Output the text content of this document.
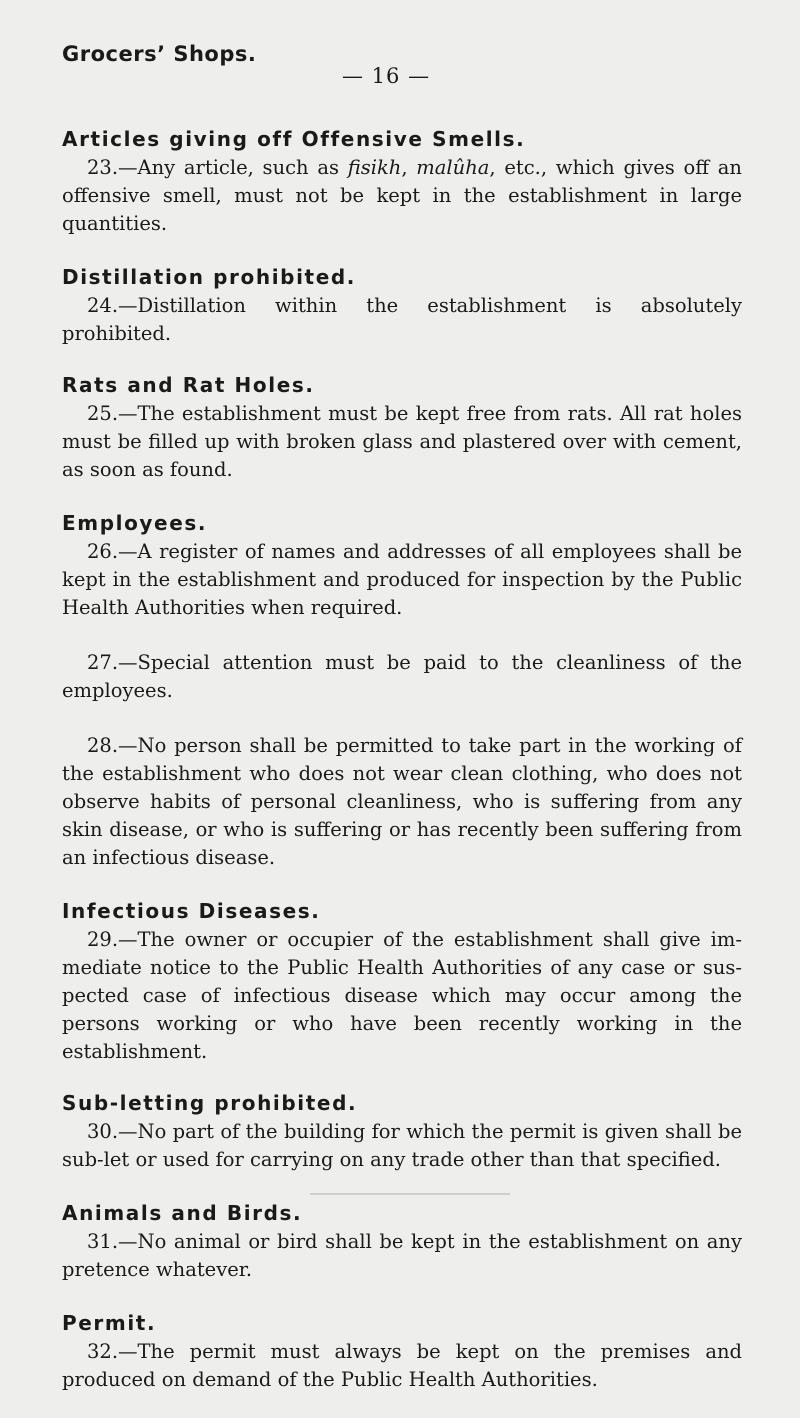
Grocers’ Shops.
— 16 —
Articles giving off Offensive Smells.

23.—Any article, such as fisikh, malûha, etc., which gives off an offensive smell, must not be kept in the establishment in large quantities.

Distillation prohibited.

24.—Distillation within the establishment is absolutely prohibited.

Rats and Rat Holes.

25.—The establishment must be kept free from rats. All rat holes must be filled up with broken glass and plastered over with cement, as soon as found.

Employees.

26.—A register of names and addresses of all employees shall be kept in the establishment and produced for inspection by the Public Health Authorities when required.

27.—Special attention must be paid to the cleanliness of the employees.

28.—No person shall be permitted to take part in the working of the establishment who does not wear clean clothing, who does not observe habits of personal cleanliness, who is suffering from any skin disease, or who is suffering or has recently been suffering from an infectious disease.

Infectious Diseases.

29.—The owner or occupier of the establishment shall give im-mediate notice to the Public Health Authorities of any case or sus-pected case of infectious disease which may occur among the persons working or who have been recently working in the establishment.

Sub-letting prohibited.

30.—No part of the building for which the permit is given shall be sub-let or used for carrying on any trade other than that specified.

Animals and Birds.

31.—No animal or bird shall be kept in the establishment on any pretence whatever.

Permit.

32.—The permit must always be kept on the premises and produced on demand of the Public Health Authorities.
